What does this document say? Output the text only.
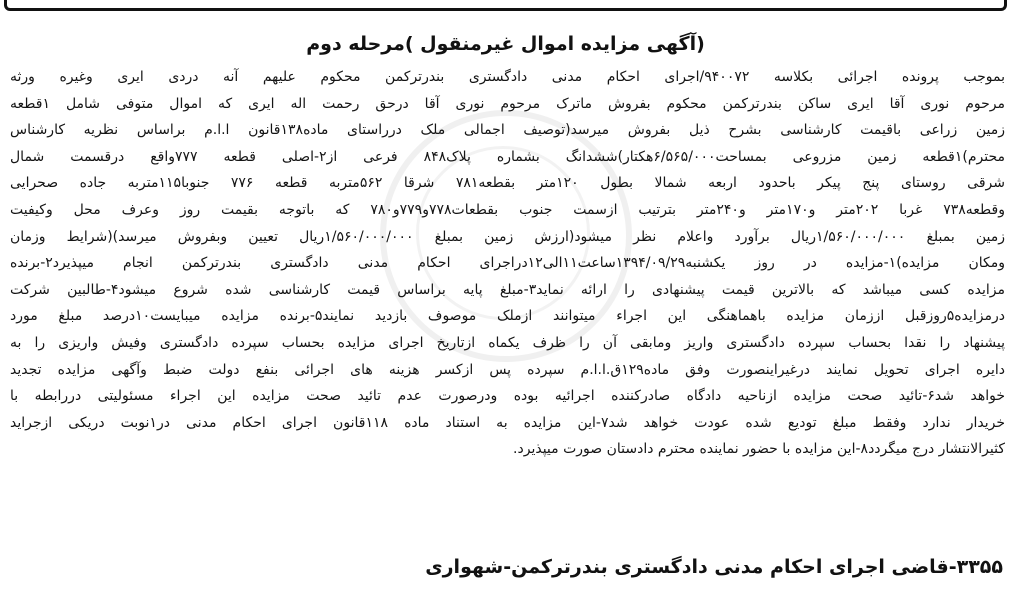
(آگهی مزایده اموال غیرمنقول )مرحله دوم
بموجب پرونده اجرائی بکلاسه ۹۴۰۰۷۲/اجرای احکام مدنی دادگستری بندرترکمن محکوم علیهم آنه دردی ایری وغیره ورثه
مرحوم نوری آقا ایری ساکن بندرترکمن محکوم بفروش ماترک مرحوم نوری آقا درحق رحمت اله ایری که اموال متوفی شامل ۱قطعه
زمین زراعی باقیمت کارشناسی بشرح ذیل بفروش میرسد(توصیف اجمالی ملک درراستای ماده۱۳۸قانون ا.ا.م براساس نظریه کارشناس
محترم)۱قطعه زمین مزروعی بمساحت۶/۵۶۵/۰۰۰هکتار)ششدانگ بشماره پلاک۸۴۸ فرعی از۲-اصلی قطعه ۷۷۷واقع درقسمت شمال
شرقی روستای پنج پیکر باحدود اربعه شمالا بطول ۱۲۰متر بقطعه۷۸۱ شرقا ۵۶۲متربه قطعه ۷۷۶ جنوبا۱۱۵متربه جاده صحرایی
وقطعه۷۳۸ غربا ۲۰۲متر و۱۷۰متر و۲۴۰متر بترتیب ازسمت جنوب بقطعات۷۷۸و۷۷۹و۷۸۰ که باتوجه بقیمت روز وعرف محل وکیفیت
زمین بمبلغ ۱/۵۶۰/۰۰۰/۰۰۰ریال برآورد واعلام نظر میشود(ارزش زمین بمبلغ ۱/۵۶۰/۰۰۰/۰۰۰ریال تعیین وبفروش میرسد)(شرایط وزمان
ومکان مزایده)۱-مزایده در روز یکشنبه۱۳۹۴/۰۹/۲۹ساعت۱۱الی۱۲دراجرای احکام مدنی دادگستری بندرترکمن انجام میپذیرد۲-برنده
مزایده کسی میباشد که بالاترین قیمت پیشنهادی را ارائه نماید۳-مبلغ پایه براساس قیمت کارشناسی شده شروع میشود۴-طالبین شرکت
درمزایده۵روزقبل اززمان مزایده باهماهنگی این اجراء میتوانند ازملک موصوف بازدید نمایند۵-برنده مزایده میبایست۱۰درصد مبلغ مورد
پیشنهاد را نقدا بحساب سپرده دادگستری واریز ومابقی آن را ظرف یکماه ازتاریخ اجرای مزایده بحساب سپرده دادگستری وفیش واریزی را به
دایره اجرای تحویل نمایند درغیراینصورت وفق ماده۱۲۹ق.ا.ا.م سپرده پس ازکسر هزینه های اجرائی بنفع دولت ضبط وآگهی مزایده تجدید
خواهد شد۶-تائید صحت مزایده ازناحیه دادگاه صادرکننده اجرائیه بوده ودرصورت عدم تائید صحت مزایده این اجراء مسئولیتی دررابطه با
خریدار ندارد وفقط مبلغ تودیع شده عودت خواهد شد۷-این مزایده به استناد ماده ۱۱۸قانون اجرای احکام مدنی در۱نوبت دریکی ازجراید
کثیرالانتشار درج میگردد۸-این مزایده با حضور نماینده محترم دادستان صورت میپذیرد.
۳۳۵۵-قاضی اجرای احکام مدنی دادگستری بندرترکمن-شهواری
